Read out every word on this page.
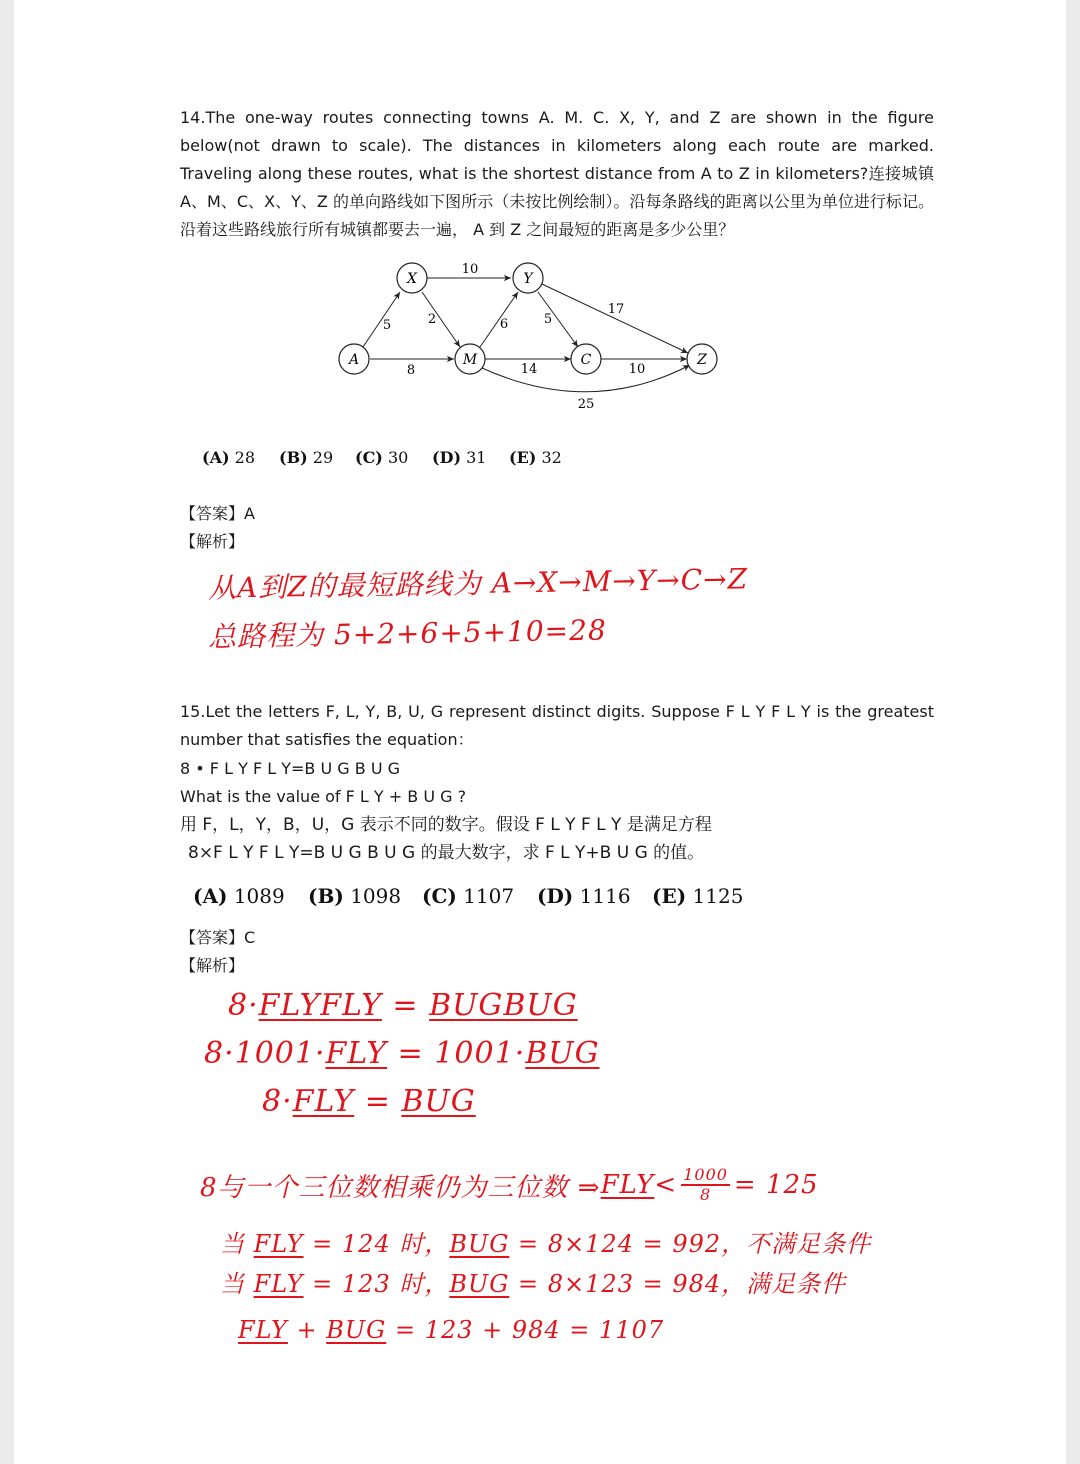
14.The one-way routes connecting towns A. M. C. X, Y, and Z are shown in the figure below(not drawn to scale). The distances in kilometers along each route are marked. Traveling along these routes, what is the shortest distance from A to Z in kilometers?连接城镇 A、M、C、X、Y、Z 的单向路线如下图所示（未按比例绘制）。沿每条路线的距离以公里为单位进行标记。沿着这些路线旅行所有城镇都要去一遍， A 到 Z 之间最短的距离是多少公里？

A
X
M
Y
C	Z
5
8
10
2	6	5
17
14	10
25
(A) 28	(B) 29	(C) 30	(D) 31	(E) 32
【答案】A
【解析】
从A到Z的最短路线为 A→X→M→Y→C→Z
总路程为 5+2+6+5+10=28

15.Let the letters F, L, Y, B, U, G represent distinct digits. Suppose F L Y F L Y is the greatest number that satisfies the equation：

8 • F L Y F L Y=B U G B U G
What is the value of F L Y + B U G ?
用 F，L，Y，B，U，G 表示不同的数字。假设 F L Y F L Y 是满足方程
8×F L Y F L Y=B U G B U G 的最大数字，求 F L Y+B U G 的值。
(A) 1089	(B) 1098	(C) 1107	(D) 1116	(E) 1125
【答案】C
【解析】
8·FLYFLY = BUGBUG
8·1001·FLY = 1001·BUG
8·FLY = BUG
8与一个三位数相乘仍为三位数 ⇒ FLY < $\frac{1000}{8} = 125$
当 FLY = 124 时，BUG = 8×124 = 992，不满足条件
当 FLY = 123 时，BUG = 8×123 = 984，满足条件
FLY + BUG = 123 + 984 = 1107
